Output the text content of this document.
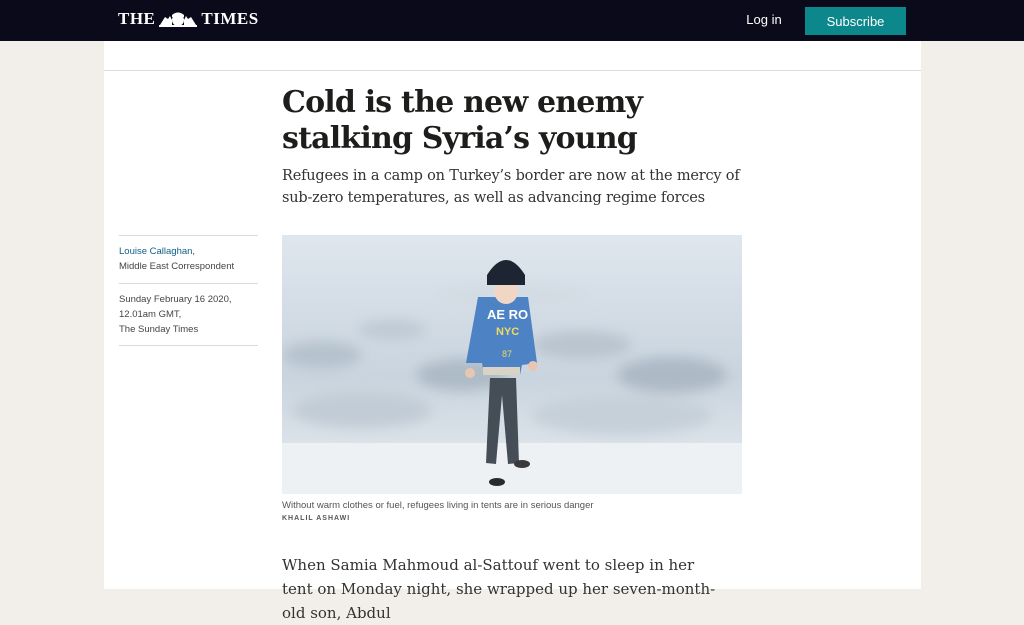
THE	TIMES	Log in	Subscribe
Cold is the new enemy stalking Syria’s young

Refugees in a camp on Turkey’s border are now at the mercy of sub-zero temperatures, as well as advancing regime forces

Louise Callaghan,
Middle East Correspondent
Sunday February 16 2020,
12.01am GMT,
The Sunday Times
AE RO
NYC
87
Without warm clothes or fuel, refugees living in tents are in serious danger
KHALIL ASHAWI

When Samia Mahmoud al-Sattouf went to sleep in her tent on Monday night, she wrapped up her seven-month-old son, Abdul
